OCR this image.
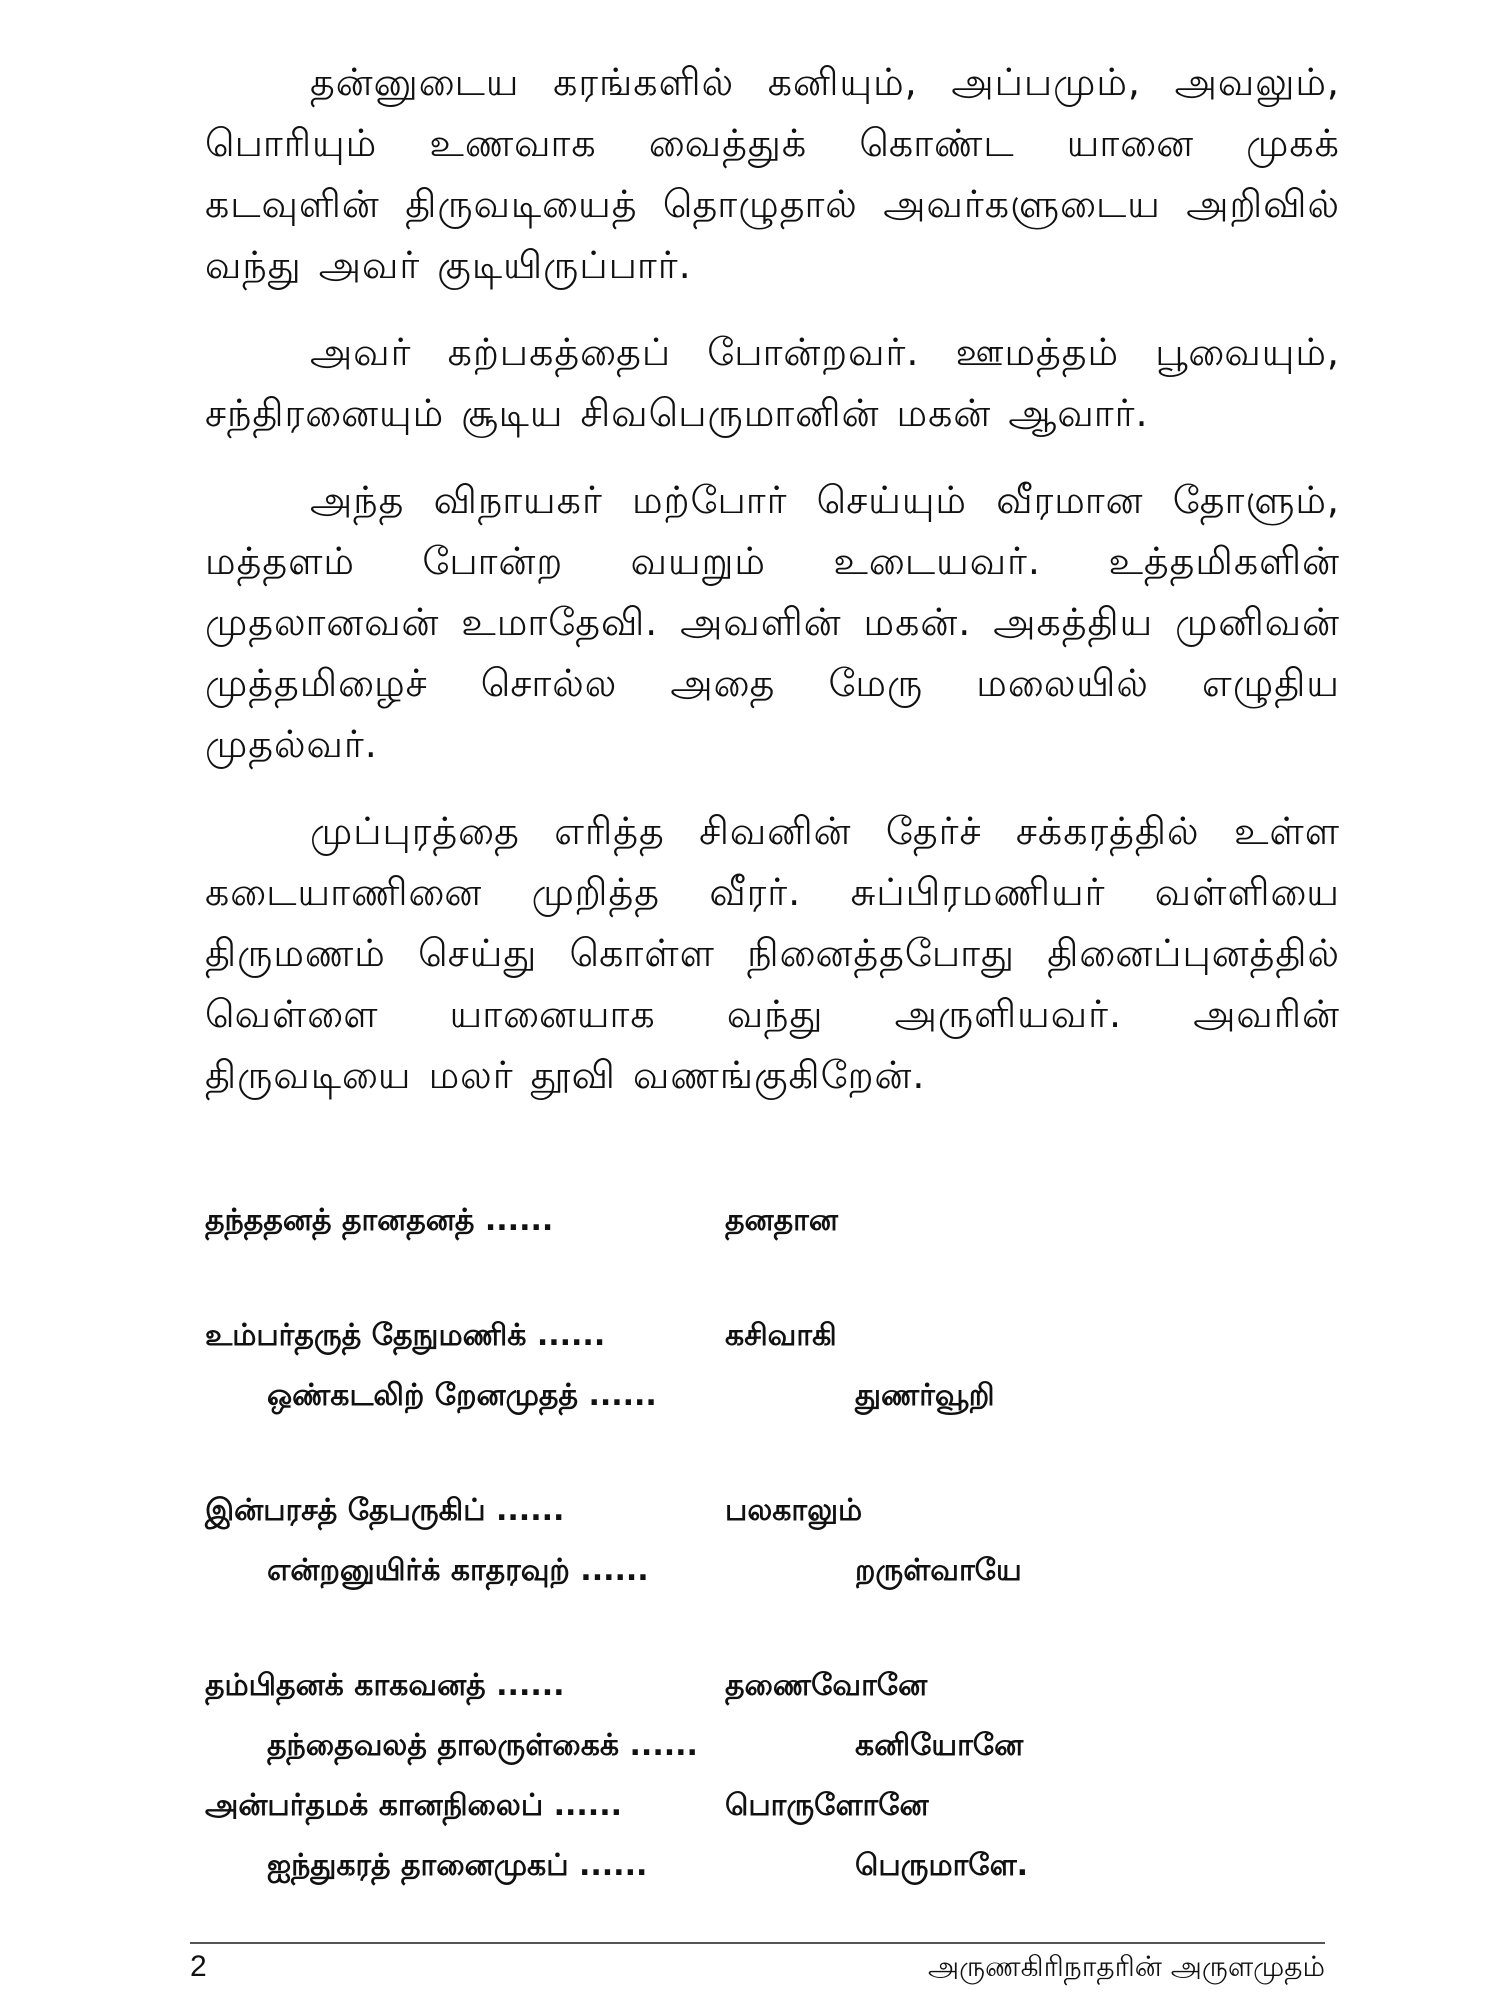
தன்னுடைய கரங்களில் கனியும், அப்பமும், அவலும், பொரியும் உணவாக வைத்துக் கொண்ட யானை முகக் கடவுளின் திருவடியைத் தொழுதால் அவர்களுடைய அறிவில் வந்து அவர் குடியிருப்பார்.

அவர் கற்பகத்தைப் போன்றவர். ஊமத்தம் பூவையும், சந்திரனையும் சூடிய சிவபெருமானின் மகன் ஆவார்.

அந்த விநாயகர் மற்போர் செய்யும் வீரமான தோளும், மத்தளம் போன்ற வயறும் உடையவர். உத்தமிகளின் முதலானவன் உமாதேவி. அவளின் மகன். அகத்திய முனிவன் முத்தமிழைச் சொல்ல அதை மேரு மலையில் எழுதிய முதல்வர்.

முப்புரத்தை எரித்த சிவனின் தேர்ச் சக்கரத்தில் உள்ள கடையாணினை முறித்த வீரர். சுப்பிரமணியர் வள்ளியை திருமணம் செய்து கொள்ள நினைத்தபோது தினைப்புனத்தில் வெள்ளை யானையாக வந்து அருளியவர். அவரின் திருவடியை மலர் தூவி வணங்குகிறேன்.

தந்ததனத் தானதனத் ......	தனதான
உம்பர்தருத் தேநுமணிக் ......	கசிவாகி
ஒண்கடலிற் றேனமுதத் ......	துணர்வூறி
இன்பரசத் தேபருகிப் ......	பலகாலும்
என்றனுயிர்க் காதரவுற் ......	றருள்வாயே
தம்பிதனக் காகவனத் ......	தணைவோனே
தந்தைவலத் தாலருள்கைக் ......	கனியோனே
அன்பர்தமக் கானநிலைப் ......	பொருளோனே
ஐந்துகரத் தானைமுகப் ......	பெருமாளே.
2	அருணகிரிநாதரின் அருளமுதம்
